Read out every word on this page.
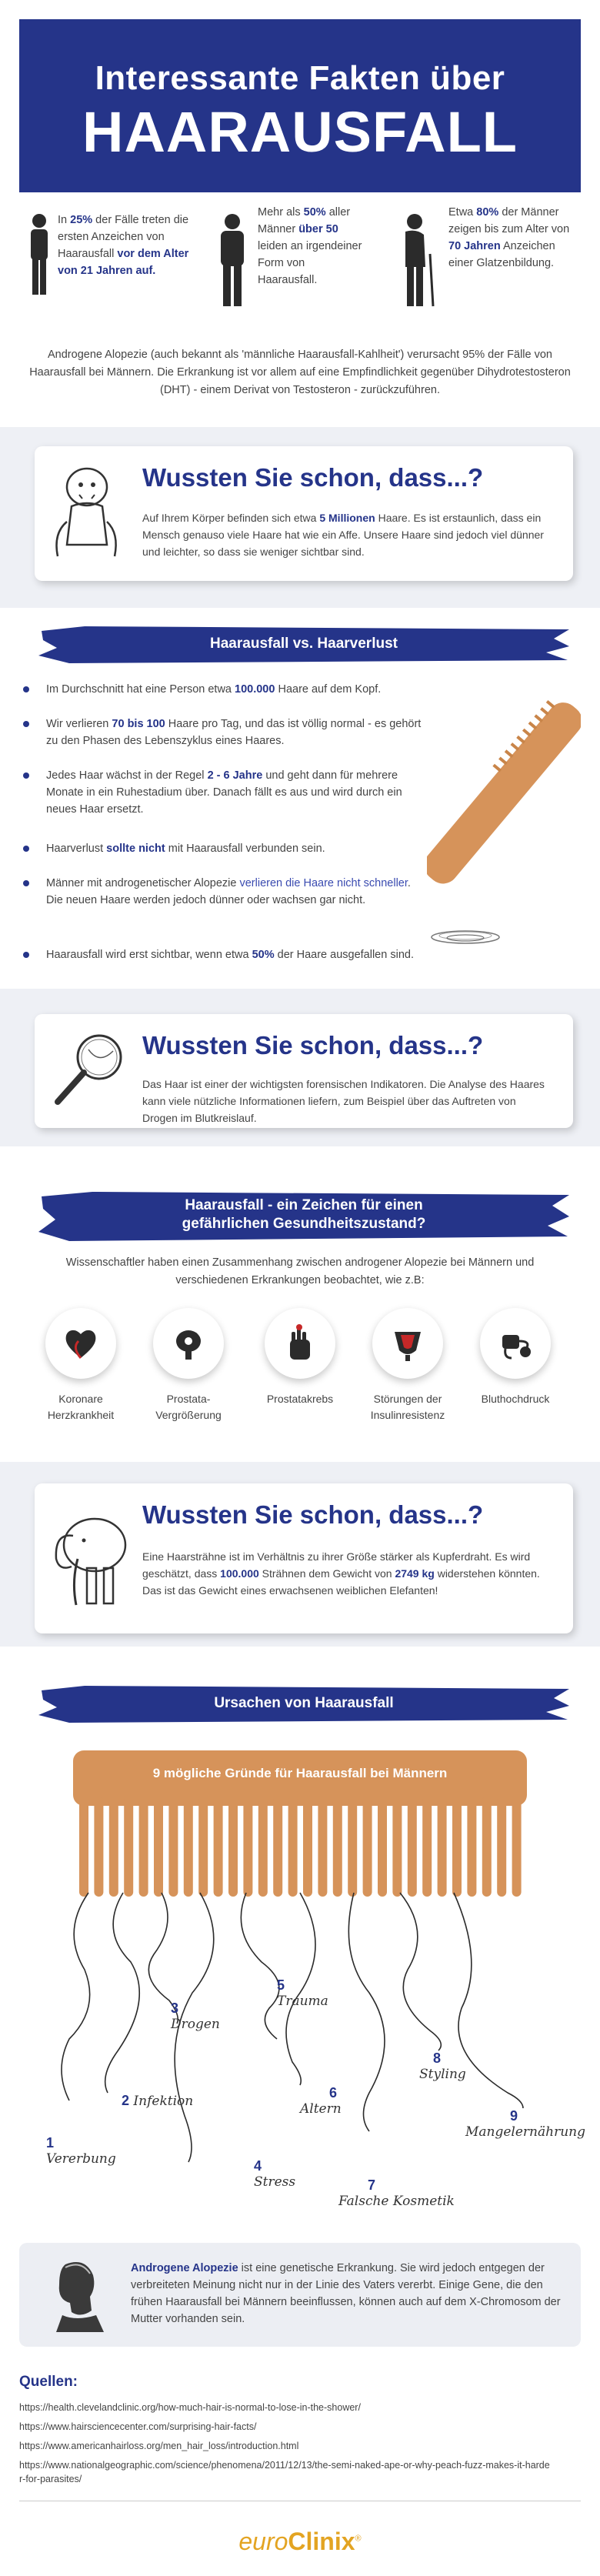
Interessante Fakten über
HAARAUSFALL
In 25% der Fälle treten die ersten Anzeichen von Haarausfall vor dem Alter von 21 Jahren auf.
Mehr als 50% aller Männer über 50 leiden an irgendeiner Form von Haarausfall.
Etwa 80% der Männer zeigen bis zum Alter von 70 Jahren Anzeichen einer Glatzenbildung.
Androgene Alopezie (auch bekannt als 'männliche Haarausfall-Kahlheit') verursacht 95% der Fälle von Haarausfall bei Männern. Die Erkrankung ist vor allem auf eine Empfindlichkeit gegenüber Dihydrotestosteron (DHT) - einem Derivat von Testosteron - zurückzuführen.
Wussten Sie schon, dass...?
Auf Ihrem Körper befinden sich etwa 5 Millionen Haare. Es ist erstaunlich, dass ein Mensch genauso viele Haare hat wie ein Affe. Unsere Haare sind jedoch viel dünner und leichter, so dass sie weniger sichtbar sind.
Haarausfall vs. Haarverlust
Im Durchschnitt hat eine Person etwa 100.000 Haare auf dem Kopf.
Wir verlieren 70 bis 100 Haare pro Tag, und das ist völlig normal - es gehört zu den Phasen des Lebenszyklus eines Haares.
Jedes Haar wächst in der Regel 2 - 6 Jahre und geht dann für mehrere Monate in ein Ruhestadium über. Danach fällt es aus und wird durch ein neues Haar ersetzt.
Haarverlust sollte nicht mit Haarausfall verbunden sein.
Männer mit androgenetischer Alopezie verlieren die Haare nicht schneller. Die neuen Haare werden jedoch dünner oder wachsen gar nicht.
Haarausfall wird erst sichtbar, wenn etwa 50% der Haare ausgefallen sind.
Wussten Sie schon, dass...?
Das Haar ist einer der wichtigsten forensischen Indikatoren. Die Analyse des Haares kann viele nützliche Informationen liefern, zum Beispiel über das Auftreten von Drogen im Blutkreislauf.
Haarausfall - ein Zeichen für einen
gefährlichen Gesundheitszustand?
Wissenschaftler haben einen Zusammenhang zwischen androgener Alopezie bei Männern und verschiedenen Erkrankungen beobachtet, wie z.B:
Koronare
Herzkrankheit
Prostata-
Vergrößerung
Prostatakrebs	Störungen der
Insulinresistenz
Bluthochdruck
Wussten Sie schon, dass...?
Eine Haarsträhne ist im Verhältnis zu ihrer Größe stärker als Kupferdraht. Es wird geschätzt, dass 100.000 Strähnen dem Gewicht von 2749 kg widerstehen könnten. Das ist das Gewicht eines erwachsenen weiblichen Elefanten!
Ursachen von Haarausfall
9 mögliche Gründe für Haarausfall bei Männern
1
Vererbung
2 Infektion
3
Drogen
4
Stress
5
Trauma
6
Altern
7
Falsche Kosmetik
8
Styling
9
Mangelernährung
Androgene Alopezie ist eine genetische Erkrankung. Sie wird jedoch entgegen der verbreiteten Meinung nicht nur in der Linie des Vaters vererbt. Einige Gene, die den frühen Haarausfall bei Männern beeinflussen, können auch auf dem X-Chromosom der Mutter vorhanden sein.
Quellen:
https://health.clevelandclinic.org/how-much-hair-is-normal-to-lose-in-the-shower/
https://www.hairsciencecenter.com/surprising-hair-facts/
https://www.americanhairloss.org/men_hair_loss/introduction.html
https://www.nationalgeographic.com/science/phenomena/2011/12/13/the-semi-naked-ape-or-why-peach-fuzz-makes-it-harde
r-for-parasites/
euroClinix®
